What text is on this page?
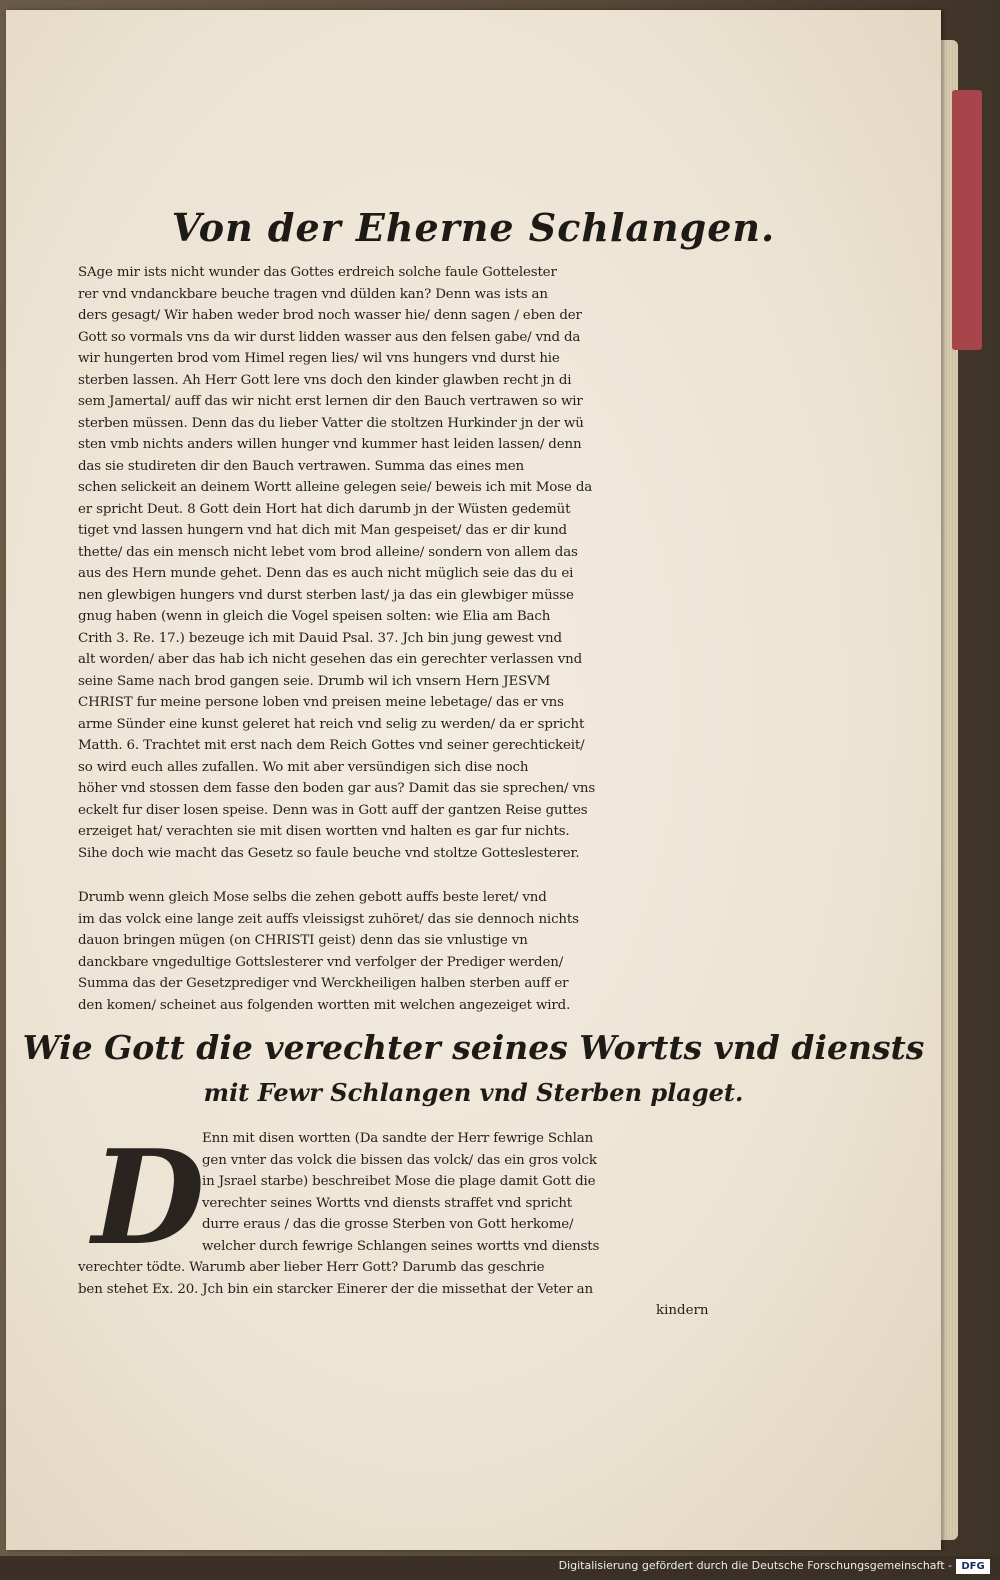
Von der Eherne Schlangen.
SAge mir ists nicht wunder das Gottes erdreich solche faule Gottelester
rer vnd vndanckbare beuche tragen vnd dülden kan? Denn was ists an
ders gesagt/ Wir haben weder brod noch wasser hie/ denn sagen / eben der
Gott so vormals vns da wir durst lidden wasser aus den felsen gabe/ vnd da
wir hungerten brod vom Himel regen lies/ wil vns hungers vnd durst hie
sterben lassen. Ah Herr Gott lere vns doch den kinder glawben recht jn di
sem Jamertal/ auff das wir nicht erst lernen dir den Bauch vertrawen so wir
sterben müssen. Denn das du lieber Vatter die stoltzen Hurkinder jn der wü
sten vmb nichts anders willen hunger vnd kummer hast leiden lassen/ denn
das sie studireten dir den Bauch vertrawen. Summa das eines men
schen selickeit an deinem Wortt alleine gelegen seie/ beweis ich mit Mose da
er spricht Deut. 8 Gott dein Hort hat dich darumb jn der Wüsten gedemüt
tiget vnd lassen hungern vnd hat dich mit Man gespeiset/ das er dir kund
thette/ das ein mensch nicht lebet vom brod alleine/ sondern von allem das
aus des Hern munde gehet. Denn das es auch nicht müglich seie das du ei
nen glewbigen hungers vnd durst sterben last/ ja das ein glewbiger müsse
gnug haben (wenn in gleich die Vogel speisen solten: wie Elia am Bach
Crith 3. Re. 17.) bezeuge ich mit Dauid Psal. 37. Jch bin jung gewest vnd
alt worden/ aber das hab ich nicht gesehen das ein gerechter verlassen vnd
seine Same nach brod gangen seie. Drumb wil ich vnsern Hern JESVM
CHRIST fur meine persone loben vnd preisen meine lebetage/ das er vns
arme Sünder eine kunst geleret hat reich vnd selig zu werden/ da er spricht
Matth. 6. Trachtet mit erst nach dem Reich Gottes vnd seiner gerechtickeit/
so wird euch alles zufallen. Wo mit aber versündigen sich dise noch
höher vnd stossen dem fasse den boden gar aus? Damit das sie sprechen/ vns
eckelt fur diser losen speise. Denn was in Gott auff der gantzen Reise guttes
erzeiget hat/ verachten sie mit disen wortten vnd halten es gar fur nichts.
Sihe doch wie macht das Gesetz so faule beuche vnd stoltze Gotteslesterer.
Drumb wenn gleich Mose selbs die zehen gebott auffs beste leret/ vnd
im das volck eine lange zeit auffs vleissigst zuhöret/ das sie dennoch nichts
dauon bringen mügen (on CHRISTI geist) denn das sie vnlustige vn
danckbare vngedultige Gottslesterer vnd verfolger der Prediger werden/
Summa das der Gesetzprediger vnd Werckheiligen halben sterben auff er
den komen/ scheinet aus folgenden wortten mit welchen angezeiget wird.
Wie Gott die verechter seines Wortts vnd diensts
mit Fewr Schlangen vnd Sterben plaget.
D
Enn mit disen wortten (Da sandte der Herr fewrige Schlan
gen vnter das volck die bissen das volck/ das ein gros volck
in Jsrael starbe) beschreibet Mose die plage damit Gott die
verechter seines Wortts vnd diensts straffet vnd spricht
durre eraus / das die grosse Sterben von Gott herkome/
welcher durch fewrige Schlangen seines wortts vnd diensts
verechter tödte. Warumb aber lieber Herr Gott? Darumb das geschrie
ben stehet Ex. 20. Jch bin ein starcker Einerer der die missethat der Veter an
kindern
Digitalisierung gefördert durch die Deutsche Forschungsgemeinschaft - DFG
